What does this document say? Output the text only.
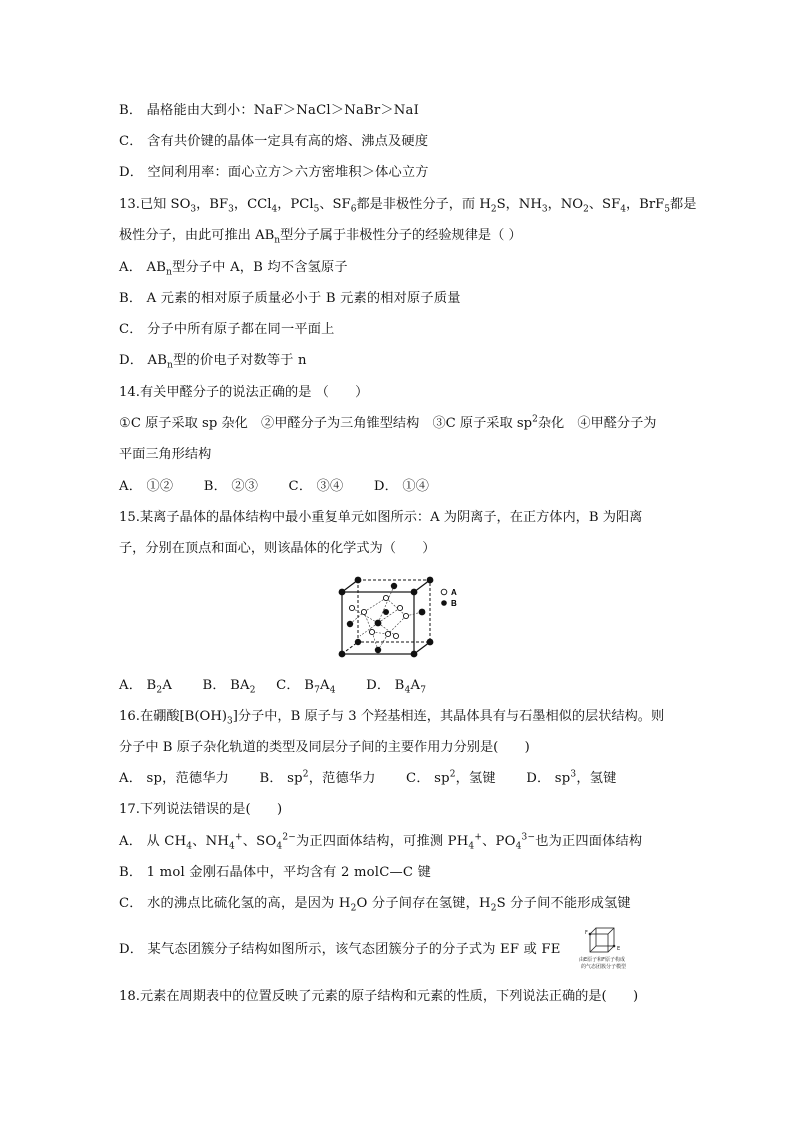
B． 晶格能由大到小：NaF＞NaCl＞NaBr＞NaI
C． 含有共价键的晶体一定具有高的熔、沸点及硬度
D． 空间利用率：面心立方＞六方密堆积＞体心立方
13.已知 $SO_3$，$BF_3$，CCl$_4$，PCl$_5$、$SF_6$都是非极性分子，而 $H_2S$，$NH_3$，$NO_2$、$SF_4$，BrF$_5$都是
极性分子，由此可推出 $AB_n$型分子属于非极性分子的经验规律是（ ）
A． $AB_n$型分子中 A，B 均不含氢原子
B． A 元素的相对原子质量必小于 B 元素的相对原子质量
C． 分子中所有原子都在同一平面上
D． $AB_n$型的价电子对数等于 n
14.有关甲醛分子的说法正确的是 （　　）
①C 原子采取 sp 杂化　②甲醛分子为三角锥型结构　③C 原子采取 $sp^2$杂化　④甲醛分子为
平面三角形结构
A． ①② B． ②③ C． ③④ D． ①④
15.某离子晶体的晶体结构中最小重复单元如图所示：A 为阴离子，在正方体内，B 为阳离
子，分别在顶点和面心，则该晶体的化学式为（　　）
A
B
A． $B_2A$ B． $BA_2$ C． $B_7A_4$ D． $B_4A_7$
16.在硼酸$[B(OH)_3]$分子中，B 原子与 3 个羟基相连，其晶体具有与石墨相似的层状结构。则
分子中 B 原子杂化轨道的类型及同层分子间的主要作用力分别是(　　)
A． sp，范德华力 B． $sp^2$，范德华力 C． $sp^2$，氢键 D． $sp^3$，氢键
17.下列说法错误的是(　　)
A． 从 $CH_4$、$NH_4^+$、$SO_4^{2-}$为正四面体结构，可推测 $PH_4^+$、$PO_4^{3-}$也为正四面体结构
B． 1 mol 金刚石晶体中，平均含有 2 molC—C 键
C． 水的沸点比硫化氢的高，是因为 $H_2O$ 分子间存在氢键，$H_2S$ 分子间不能形成氢键
D． 某气态团簇分子结构如图所示，该气态团簇分子的分子式为 EF 或 FE
F
E
由E原子和F原子构成
的气态团簇分子模型
18.元素在周期表中的位置反映了元素的原子结构和元素的性质，下列说法正确的是(　　)
